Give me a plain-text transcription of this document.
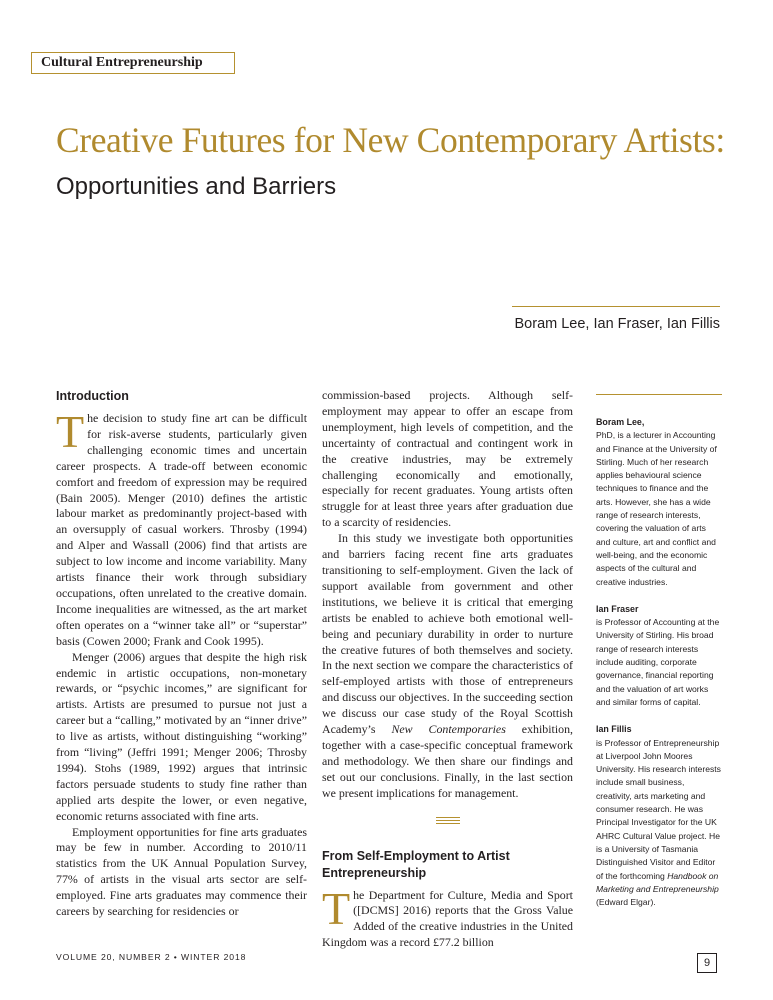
Cultural Entrepreneurship
Creative Futures for New Contemporary Artists:
Opportunities and Barriers
Boram Lee, Ian Fraser, Ian Fillis
Introduction

The decision to study fine art can be difficult for risk-averse students, particularly given challenging economic times and uncertain career prospects. A trade-off between economic comfort and freedom of expression may be required (Bain 2005). Menger (2010) defines the artistic labour market as predominantly project-based with an oversupply of casual workers. Throsby (1994) and Alper and Wassall (2006) find that artists are subject to low income and income variability. Many artists finance their work through subsidiary occupations, often unrelated to the creative domain. Income inequalities are witnessed, as the art market often operates on a “winner take all” or “superstar” basis (Cowen 2000; Frank and Cook 1995).

Menger (2006) argues that despite the high risk endemic in artistic occupations, non-monetary rewards, or “psychic incomes,” are significant for artists. Artists are presumed to pursue not just a career but a “calling,” motivated by an “inner drive” to live as artists, without distinguishing “working” from “living” (Jeffri 1991; Menger 2006; Throsby 1994). Stohs (1989, 1992) argues that intrinsic factors persuade students to study fine rather than applied arts despite the lower, or even negative, economic returns associated with fine arts.

Employment opportunities for fine arts graduates may be few in number. According to 2010/11 statistics from the UK Annual Population Survey, 77% of artists in the visual arts sector are self-employed. Fine arts graduates may commence their careers by searching for residencies or

commission-based projects. Although self-employment may appear to offer an escape from unemployment, high levels of competition, and the uncertainty of contractual and contingent work in the creative industries, may be extremely challenging economically and emotionally, especially for recent graduates. Young artists often struggle for at least three years after graduation due to a scarcity of residencies.

In this study we investigate both opportunities and barriers facing recent fine arts graduates transitioning to self-employment. Given the lack of support available from government and other institutions, we believe it is critical that emerging artists be enabled to achieve both emotional well-being and pecuniary durability in order to nurture the creative futures of both themselves and society. In the next section we compare the characteristics of self-employed artists with those of entrepreneurs and discuss our objectives. In the succeeding section we discuss our case study of the Royal Scottish Academy’s New Contemporaries exhibition, together with a case-specific conceptual framework and methodology. We then share our findings and set out our conclusions. Finally, in the last section we present implications for management.

From Self-Employment to Artist Entrepreneurship

The Department for Culture, Media and Sport ([DCMS] 2016) reports that the Gross Value Added of the creative industries in the United Kingdom was a record £77.2 billion

Boram Lee,

PhD, is a lecturer in Accounting and Finance at the University of Stirling. Much of her research applies behavioural science techniques to finance and the arts. However, she has a wide range of research interests, covering the valuation of arts and culture, art and conflict and well-being, and the economic aspects of the cultural and creative industries.

Ian Fraser

is Professor of Accounting at the University of Stirling. His broad range of research interests include auditing, corporate governance, financial reporting and the valuation of art works and similar forms of capital.

Ian Fillis

is Professor of Entrepreneurship at Liverpool John Moores University. His research interests include small business, creativity, arts marketing and consumer research. He was Principal Investigator for the UK AHRC Cultural Value project. He is a University of Tasmania Distinguished Visitor and Editor of the forthcoming Handbook on Marketing and Entrepreneurship (Edward Elgar).

VOLUME 20, NUMBER 2 • WINTER 2018	9
